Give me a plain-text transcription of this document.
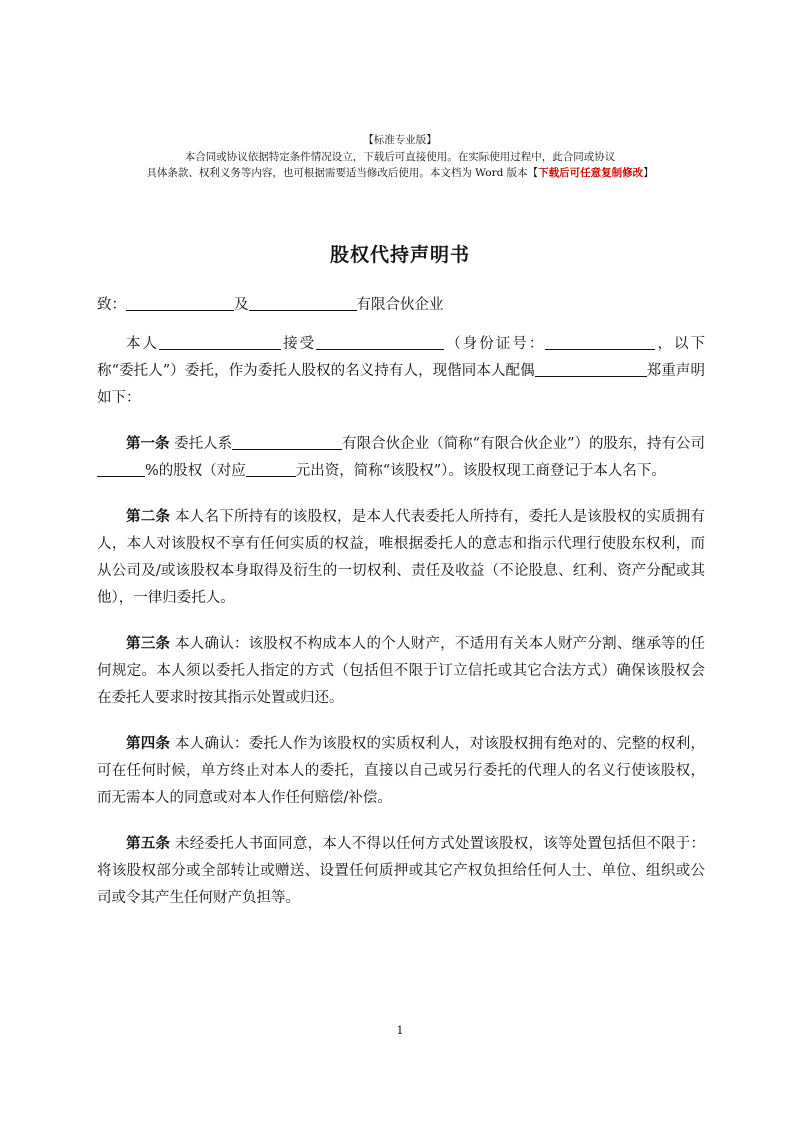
【标准专业版】
本合同或协议依据特定条件情况设立，下载后可直接使用。在实际使用过程中，此合同或协议
具体条款、权利义务等内容，也可根据需要适当修改后使用。本文档为 Word 版本【下载后可任意复制修改】
股权代持声明书

致：	及	有限合伙企业

本人	接受	（身份证号：	，以下称“委托人”）委托，作为委托人股权的名义持有人，现偕同本人配偶	郑重声明如下：

第一条 委托人系	有限合伙企业（简称“有限合伙企业”）的股东，持有公司%的股权（对应	元出资，简称“该股权”）。该股权现工商登记于本人名下。

第二条 本人名下所持有的该股权，是本人代表委托人所持有，委托人是该股权的实质拥有人，本人对该股权不享有任何实质的权益，唯根据委托人的意志和指示代理行使股东权利，而从公司及/或该股权本身取得及衍生的一切权利、责任及收益（不论股息、红利、资产分配或其他），一律归委托人。

第三条 本人确认：该股权不构成本人的个人财产，不适用有关本人财产分割、继承等的任何规定。本人须以委托人指定的方式（包括但不限于订立信托或其它合法方式）确保该股权会在委托人要求时按其指示处置或归还。

第四条 本人确认：委托人作为该股权的实质权利人，对该股权拥有绝对的、完整的权利，可在任何时候，单方终止对本人的委托，直接以自己或另行委托的代理人的名义行使该股权，而无需本人的同意或对本人作任何赔偿/补偿。

第五条 未经委托人书面同意，本人不得以任何方式处置该股权，该等处置包括但不限于：将该股权部分或全部转让或赠送、设置任何质押或其它产权负担给任何人士、单位、组织或公司或令其产生任何财产负担等。

1
